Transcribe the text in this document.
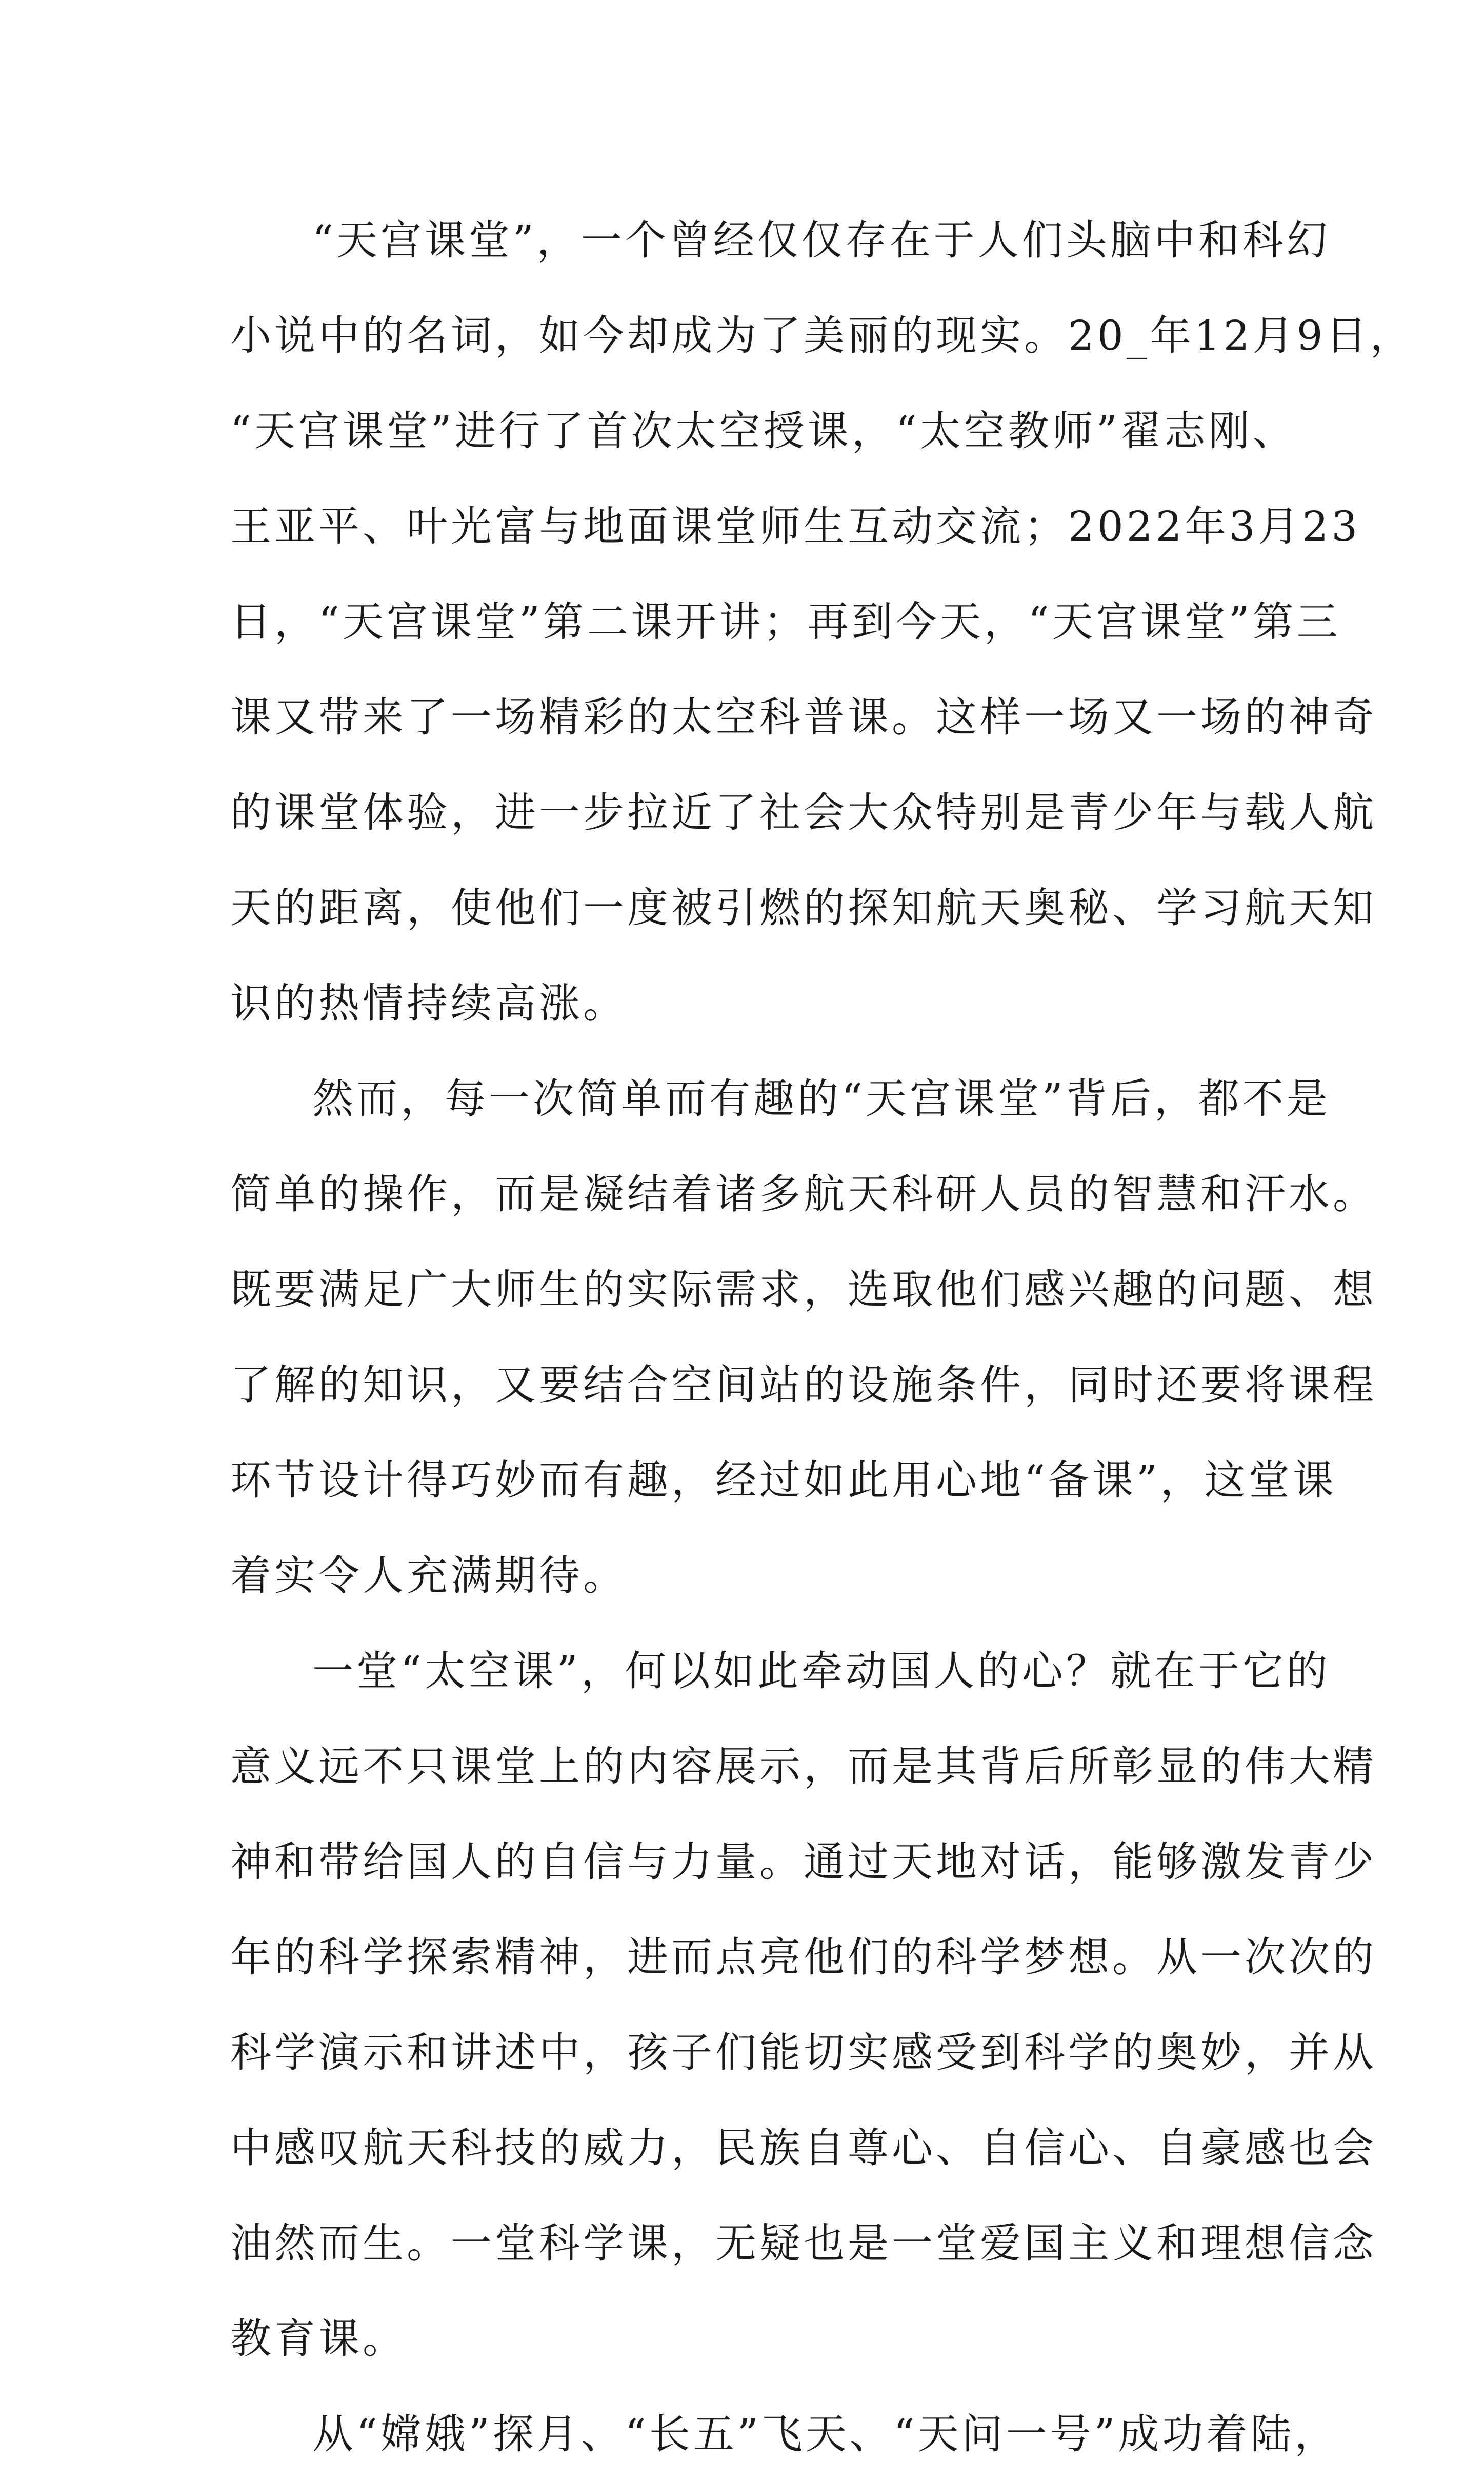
“天宫课堂”，一个曾经仅仅存在于人们头脑中和科幻
小说中的名词，如今却成为了美丽的现实。20_年12月9日，
“天宫课堂”进行了首次太空授课，“太空教师”翟志刚、
王亚平、叶光富与地面课堂师生互动交流；2022年3月23
日，“天宫课堂”第二课开讲；再到今天，“天宫课堂”第三
课又带来了一场精彩的太空科普课。这样一场又一场的神奇
的课堂体验，进一步拉近了社会大众特别是青少年与载人航
天的距离，使他们一度被引燃的探知航天奥秘、学习航天知
识的热情持续高涨。
然而，每一次简单而有趣的“天宫课堂”背后，都不是
简单的操作，而是凝结着诸多航天科研人员的智慧和汗水。
既要满足广大师生的实际需求，选取他们感兴趣的问题、想
了解的知识，又要结合空间站的设施条件，同时还要将课程
环节设计得巧妙而有趣，经过如此用心地“备课”，这堂课
着实令人充满期待。
一堂“太空课”，何以如此牵动国人的心？就在于它的
意义远不只课堂上的内容展示，而是其背后所彰显的伟大精
神和带给国人的自信与力量。通过天地对话，能够激发青少
年的科学探索精神，进而点亮他们的科学梦想。从一次次的
科学演示和讲述中，孩子们能切实感受到科学的奥妙，并从
中感叹航天科技的威力，民族自尊心、自信心、自豪感也会
油然而生。一堂科学课，无疑也是一堂爱国主义和理想信念
教育课。
从“嫦娥”探月、“长五”飞天、“天问一号”成功着陆，
